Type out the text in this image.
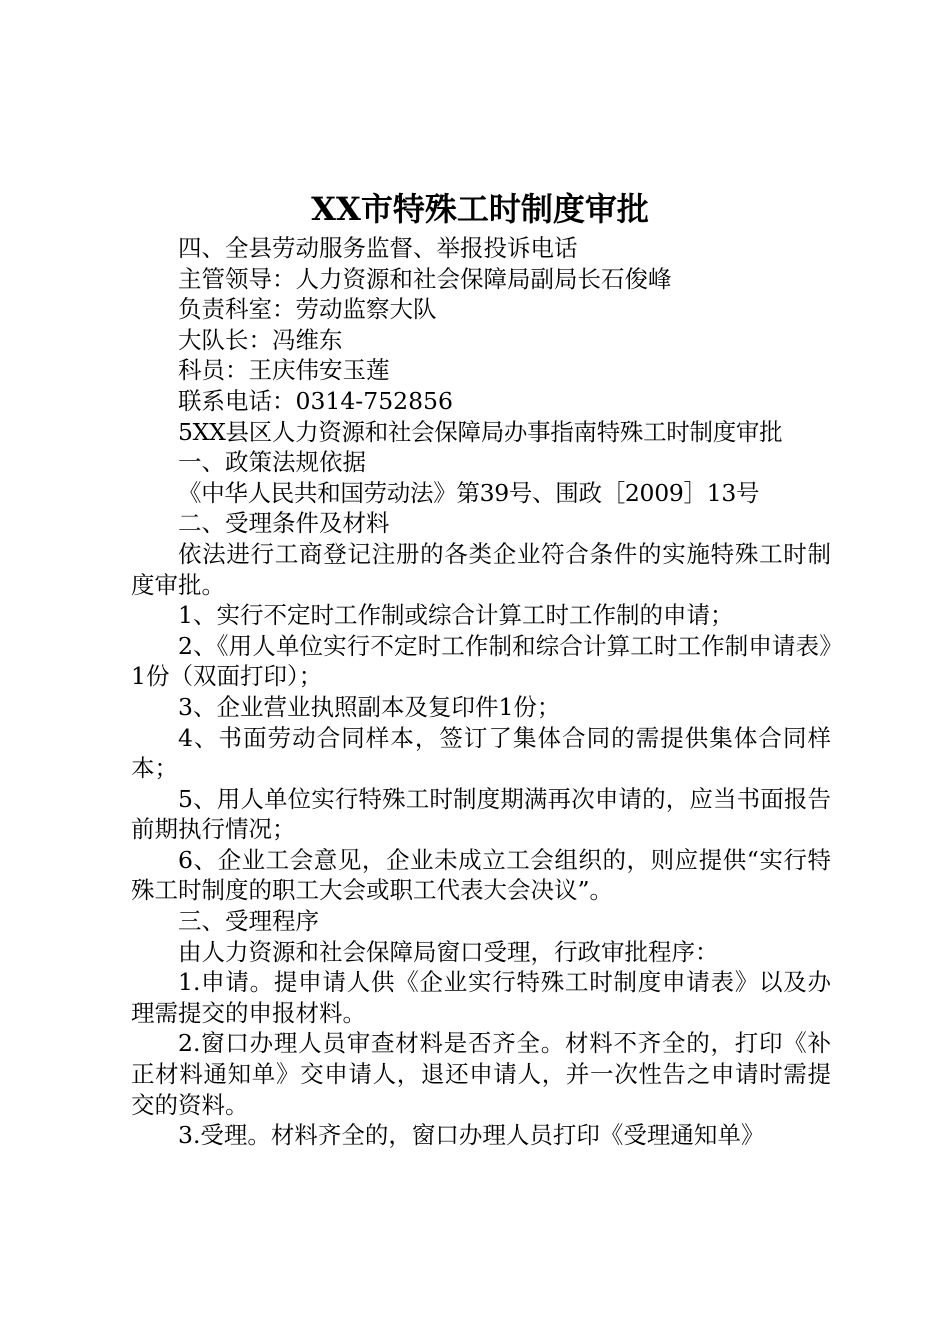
XX市特殊工时制度审批

四、全县劳动服务监督、举报投诉电话

主管领导：人力资源和社会保障局副局长石俊峰

负责科室：劳动监察大队

大队长：冯维东

科员：王庆伟安玉莲

联系电话：0314-752856

5XX县区人力资源和社会保障局办事指南特殊工时制度审批

一、政策法规依据

《中华人民共和国劳动法》第39号、围政［2009］13号

二、受理条件及材料

依法进行工商登记注册的各类企业符合条件的实施特殊工时制度审批。

1、实行不定时工作制或综合计算工时工作制的申请；

2、《用人单位实行不定时工作制和综合计算工时工作制申请表》1份（双面打印）；

3、企业营业执照副本及复印件1份；

4、书面劳动合同样本，签订了集体合同的需提供集体合同样本；

5、用人单位实行特殊工时制度期满再次申请的，应当书面报告前期执行情况；

6、企业工会意见，企业未成立工会组织的，则应提供“实行特殊工时制度的职工大会或职工代表大会决议”。

三、受理程序

由人力资源和社会保障局窗口受理，行政审批程序：

1.申请。提申请人供《企业实行特殊工时制度申请表》以及办理需提交的申报材料。

2.窗口办理人员审查材料是否齐全。材料不齐全的，打印《补正材料通知单》交申请人，退还申请人，并一次性告之申请时需提交的资料。

3.受理。材料齐全的，窗口办理人员打印《受理通知单》
